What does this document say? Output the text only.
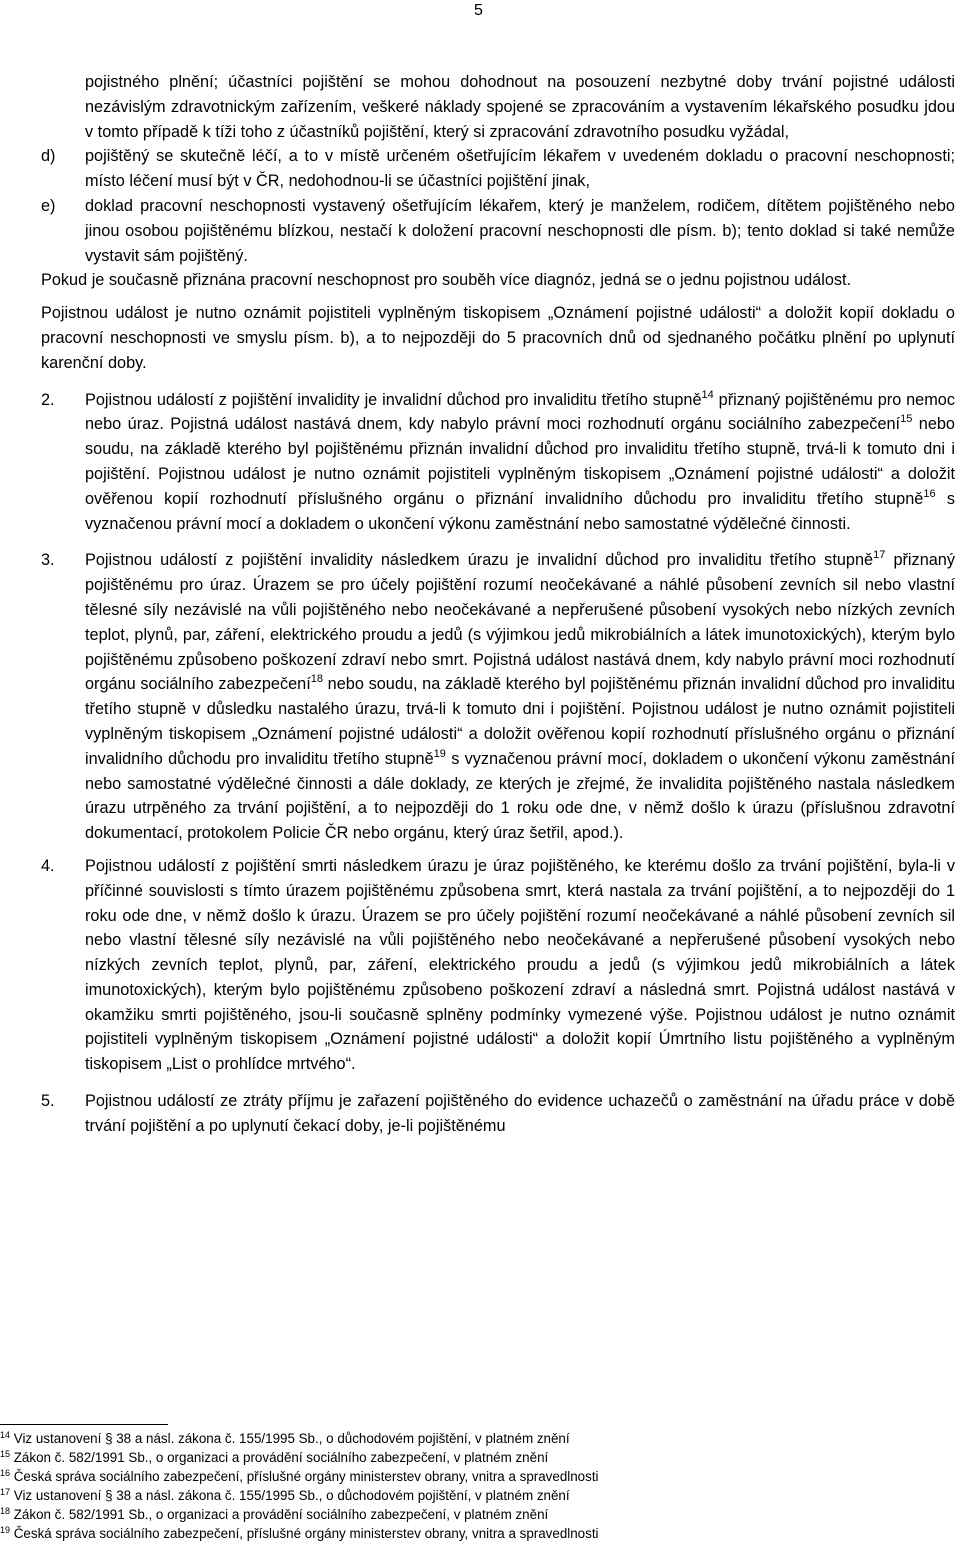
5

pojistného plnění; účastníci pojištění se mohou dohodnout na posouzení nezbytné doby trvání pojistné události nezávislým zdravotnickým zařízením, veškeré náklady spojené se zpracováním a vystavením lékařského posudku jdou v tomto případě k tíži toho z účastníků pojištění, který si zpracování zdravotního posudku vyžádal,

d)	pojištěný se skutečně léčí, a to v místě určeném ošetřujícím lékařem v uvedeném dokladu o pracovní neschopnosti; místo léčení musí být v ČR, nedohodnou-li se účastníci pojištění jinak,
e)	doklad pracovní neschopnosti vystavený ošetřujícím lékařem, který je manželem, rodičem, dítětem pojištěného nebo jinou osobou pojištěnému blízkou, nestačí k doložení pracovní neschopnosti dle písm. b); tento doklad si také nemůže vystavit sám pojištěný.

Pokud je současně přiznána pracovní neschopnost pro souběh více diagnóz, jedná se o jednu pojistnou událost.

Pojistnou událost je nutno oznámit pojistiteli vyplněným tiskopisem „Oznámení pojistné události“ a doložit kopií dokladu o pracovní neschopnosti ve smyslu písm. b), a to nejpozději do 5 pracovních dnů od sjednaného počátku plnění po uplynutí karenční doby.

2.	Pojistnou událostí z pojištění invalidity je invalidní důchod pro invaliditu třetího stupně$^{14}$ přiznaný pojištěnému pro nemoc nebo úraz. Pojistná událost nastává dnem, kdy nabylo právní moci rozhodnutí orgánu sociálního zabezpečení$^{15}$ nebo soudu, na základě kterého byl pojištěnému přiznán invalidní důchod pro invaliditu třetího stupně, trvá-li k tomuto dni i pojištění. Pojistnou událost je nutno oznámit pojistiteli vyplněným tiskopisem „Oznámení pojistné události“ a doložit ověřenou kopií rozhodnutí příslušného orgánu o přiznání invalidního důchodu pro invaliditu třetího stupně$^{16}$ s vyznačenou právní mocí a dokladem o ukončení výkonu zaměstnání nebo samostatné výdělečné činnosti.
3.	Pojistnou událostí z pojištění invalidity následkem úrazu je invalidní důchod pro invaliditu třetího stupně$^{17}$ přiznaný pojištěnému pro úraz. Úrazem se pro účely pojištění rozumí neočekávané a náhlé působení zevních sil nebo vlastní tělesné síly nezávislé na vůli pojištěného nebo neočekávané a nepřerušené působení vysokých nebo nízkých zevních teplot, plynů, par, záření, elektrického proudu a jedů (s výjimkou jedů mikrobiálních a látek imunotoxických), kterým bylo pojištěnému způsobeno poškození zdraví nebo smrt. Pojistná událost nastává dnem, kdy nabylo právní moci rozhodnutí orgánu sociálního zabezpečení$^{18}$ nebo soudu, na základě kterého byl pojištěnému přiznán invalidní důchod pro invaliditu třetího stupně v důsledku nastalého úrazu, trvá-li k tomuto dni i pojištění. Pojistnou událost je nutno oznámit pojistiteli vyplněným tiskopisem „Oznámení pojistné události“ a doložit ověřenou kopií rozhodnutí příslušného orgánu o přiznání invalidního důchodu pro invaliditu třetího stupně$^{19}$ s vyznačenou právní mocí, dokladem o ukončení výkonu zaměstnání nebo samostatné výdělečné činnosti a dále doklady, ze kterých je zřejmé, že invalidita pojištěného nastala následkem úrazu utrpěného za trvání pojištění, a to nejpozději do 1 roku ode dne, v němž došlo k úrazu (příslušnou zdravotní dokumentací, protokolem Policie ČR nebo orgánu, který úraz šetřil, apod.).
4.	Pojistnou událostí z pojištění smrti následkem úrazu je úraz pojištěného, ke kterému došlo za trvání pojištění, byla-li v příčinné souvislosti s tímto úrazem pojištěnému způsobena smrt, která nastala za trvání pojištění, a to nejpozději do 1 roku ode dne, v němž došlo k úrazu. Úrazem se pro účely pojištění rozumí neočekávané a náhlé působení zevních sil nebo vlastní tělesné síly nezávislé na vůli pojištěného nebo neočekávané a nepřerušené působení vysokých nebo nízkých zevních teplot, plynů, par, záření, elektrického proudu a jedů (s výjimkou jedů mikrobiálních a látek imunotoxických), kterým bylo pojištěnému způsobeno poškození zdraví a následná smrt. Pojistná událost nastává v okamžiku smrti pojištěného, jsou-li současně splněny podmínky vymezené výše. Pojistnou událost je nutno oznámit pojistiteli vyplněným tiskopisem „Oznámení pojistné události“ a doložit kopií Úmrtního listu pojištěného a vyplněným tiskopisem „List o prohlídce mrtvého“.
5.	Pojistnou událostí ze ztráty příjmu je zařazení pojištěného do evidence uchazečů o zaměstnání na úřadu práce v době trvání pojištění a po uplynutí čekací doby, je-li pojištěnému

$^{14}$ Viz ustanovení § 38 a násl. zákona č. 155/1995 Sb., o důchodovém pojištění, v platném znění

$^{15}$ Zákon č. 582/1991 Sb., o organizaci a provádění sociálního zabezpečení, v platném znění

$^{16}$ Česká správa sociálního zabezpečení, příslušné orgány ministerstev obrany, vnitra a spravedlnosti

$^{17}$ Viz ustanovení § 38 a násl. zákona č. 155/1995 Sb., o důchodovém pojištění, v platném znění

$^{18}$ Zákon č. 582/1991 Sb., o organizaci a provádění sociálního zabezpečení, v platném znění

$^{19}$ Česká správa sociálního zabezpečení, příslušné orgány ministerstev obrany, vnitra a spravedlnosti
